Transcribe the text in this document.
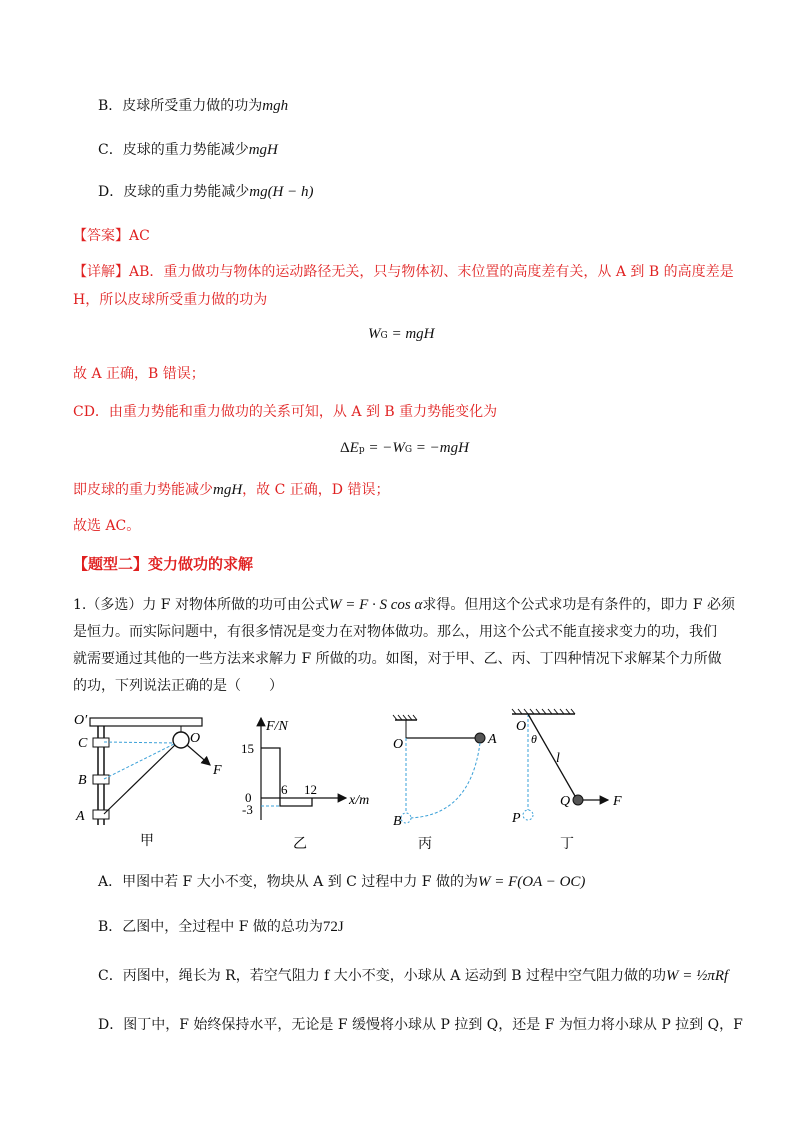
B．皮球所受重力做的功为mgh
C．皮球的重力势能减少mgH
D．皮球的重力势能减少mg(H − h)
【答案】AC
【详解】AB．重力做功与物体的运动路径无关，只与物体初、末位置的高度差有关，从 A 到 B 的高度差是
H，所以皮球所受重力做的功为
WG = mgH
故 A 正确，B 错误；
CD．由重力势能和重力做功的关系可知，从 A 到 B 重力势能变化为
ΔEp = −WG = −mgH
即皮球的重力势能减少mgH，故 C 正确，D 错误；
故选 AC。
【题型二】变力做功的求解
1.（多选）力 F 对物体所做的功可由公式W = F · S cos α求得。但用这个公式求功是有条件的，即力 F 必须
是恒力。而实际问题中，有很多情况是变力在对物体做功。那么，用这个公式不能直接求变力的功，我们
就需要通过其他的一些方法来求解力 F 所做的功。如图，对于甲、乙、丙、丁四种情况下求解某个力所做
的功，下列说法正确的是（　　）
O′
C
B
A
O
F
甲
F/N
15
0
-3
6 12
x/m
乙
O	A
B
丙
O
θ
l
Q	F
P
丁
A．甲图中若 F 大小不变，物块从 A 到 C 过程中力 F 做的为W = F(OA − OC)
B．乙图中，全过程中 F 做的总功为72J
C．丙图中，绳长为 R，若空气阻力 f 大小不变，小球从 A 运动到 B 过程中空气阻力做的功W = ½πRf
D．图丁中，F 始终保持水平，无论是 F 缓慢将小球从 P 拉到 Q，还是 F 为恒力将小球从 P 拉到 Q，F
